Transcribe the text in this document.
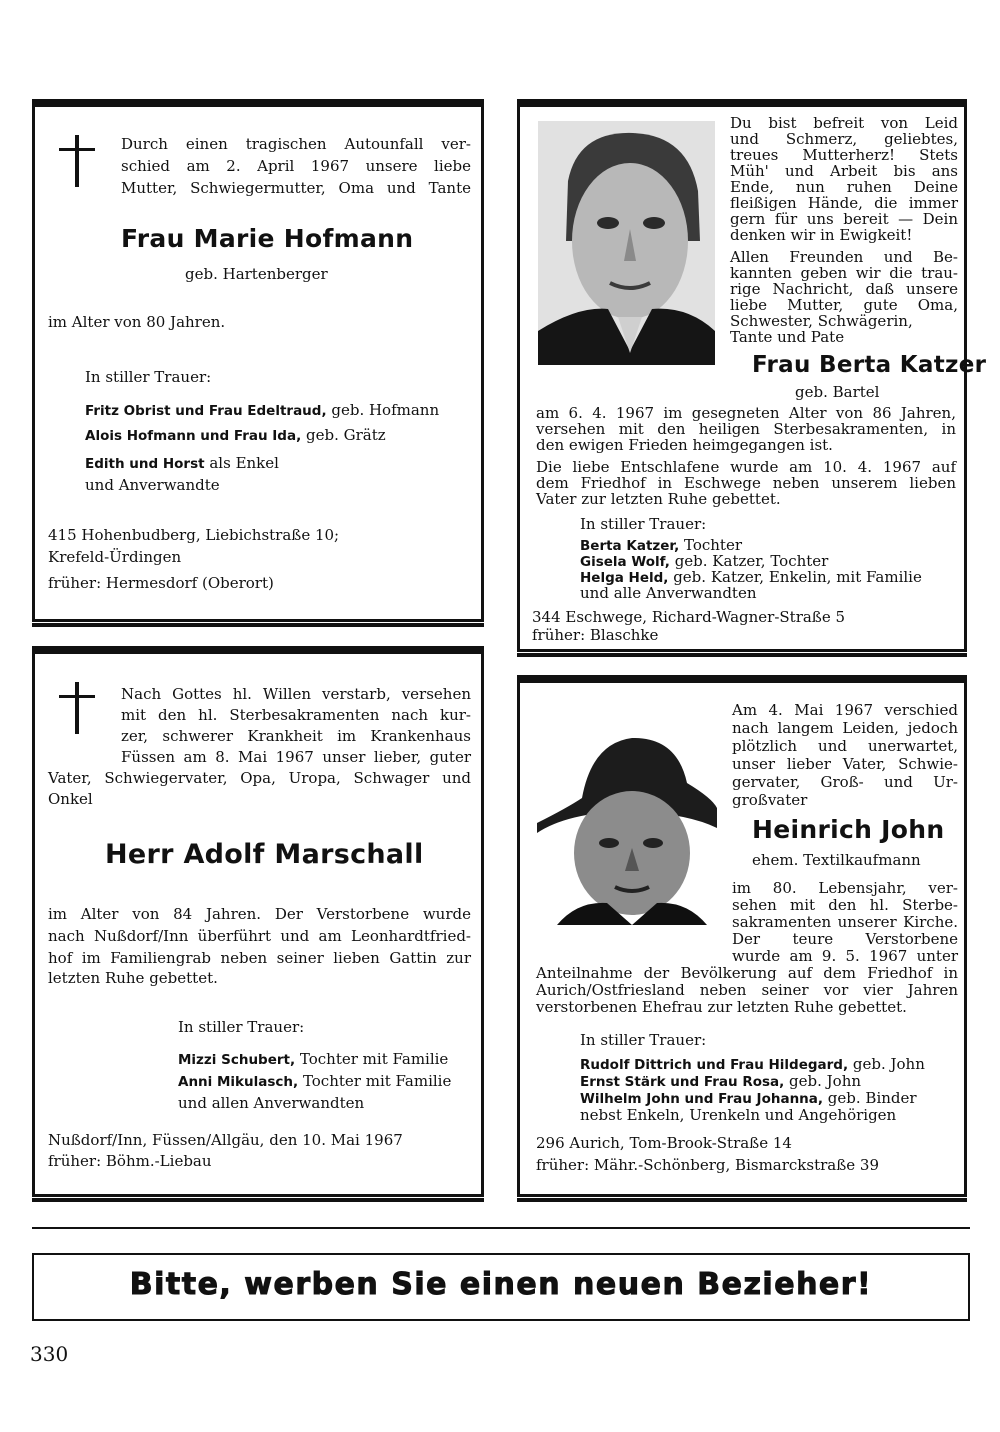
Durch einen tragischen Autounfall ver-
schied am 2. April 1967 unsere liebe
Mutter, Schwiegermutter, Oma und Tante
Frau Marie Hofmann
geb. Hartenberger
im Alter von 80 Jahren.
In stiller Trauer:
Fritz Obrist und Frau Edeltraud, geb. Hofmann
Alois Hofmann und Frau Ida, geb. Grätz
Edith und Horst als Enkel
und Anverwandte
415 Hohenbudberg, Liebichstraße 10;
Krefeld-Ürdingen
früher: Hermesdorf (Oberort)
Du bist befreit von Leid
und Schmerz, geliebtes,
treues Mutterherz! Stets
Müh' und Arbeit bis ans
Ende, nun ruhen Deine
fleißigen Hände, die immer
gern für uns bereit — Dein
denken wir in Ewigkeit!
Allen Freunden und Be-
kannten geben wir die trau-
rige Nachricht, daß unsere
liebe Mutter, gute Oma,
Schwester, Schwägerin,
Tante und Pate
Frau Berta Katzer
geb. Bartel
am 6. 4. 1967 im gesegneten Alter von 86 Jahren,
versehen mit den heiligen Sterbesakramenten, in
den ewigen Frieden heimgegangen ist.
Die liebe Entschlafene wurde am 10. 4. 1967 auf
dem Friedhof in Eschwege neben unserem lieben
Vater zur letzten Ruhe gebettet.
In stiller Trauer:
Berta Katzer, Tochter
Gisela Wolf, geb. Katzer, Tochter
Helga Held, geb. Katzer, Enkelin, mit Familie
und alle Anverwandten
344 Eschwege, Richard-Wagner-Straße 5
früher: Blaschke
Nach Gottes hl. Willen verstarb, versehen
mit den hl. Sterbesakramenten nach kur-
zer, schwerer Krankheit im Krankenhaus
Füssen am 8. Mai 1967 unser lieber, guter
Vater, Schwiegervater, Opa, Uropa, Schwager und
Onkel
Herr Adolf Marschall
im Alter von 84 Jahren. Der Verstorbene wurde
nach Nußdorf/Inn überführt und am Leonhardtfried-
hof im Familiengrab neben seiner lieben Gattin zur
letzten Ruhe gebettet.
In stiller Trauer:
Mizzi Schubert, Tochter mit Familie
Anni Mikulasch, Tochter mit Familie
und allen Anverwandten
Nußdorf/Inn, Füssen/Allgäu, den 10. Mai 1967
früher: Böhm.-Liebau
Am 4. Mai 1967 verschied
nach langem Leiden, jedoch
plötzlich und unerwartet,
unser lieber Vater, Schwie-
gervater, Groß- und Ur-
großvater
Heinrich John
ehem. Textilkaufmann
im 80. Lebensjahr, ver-
sehen mit den hl. Sterbe-
sakramenten unserer Kirche.
Der teure Verstorbene
wurde am 9. 5. 1967 unter
Anteilnahme der Bevölkerung auf dem Friedhof in
Aurich/Ostfriesland neben seiner vor vier Jahren
verstorbenen Ehefrau zur letzten Ruhe gebettet.
In stiller Trauer:
Rudolf Dittrich und Frau Hildegard, geb. John
Ernst Stärk und Frau Rosa, geb. John
Wilhelm John und Frau Johanna, geb. Binder
nebst Enkeln, Urenkeln und Angehörigen
296 Aurich, Tom-Brook-Straße 14
früher: Mähr.-Schönberg, Bismarckstraße 39
Bitte, werben Sie einen neuen Bezieher!
330
